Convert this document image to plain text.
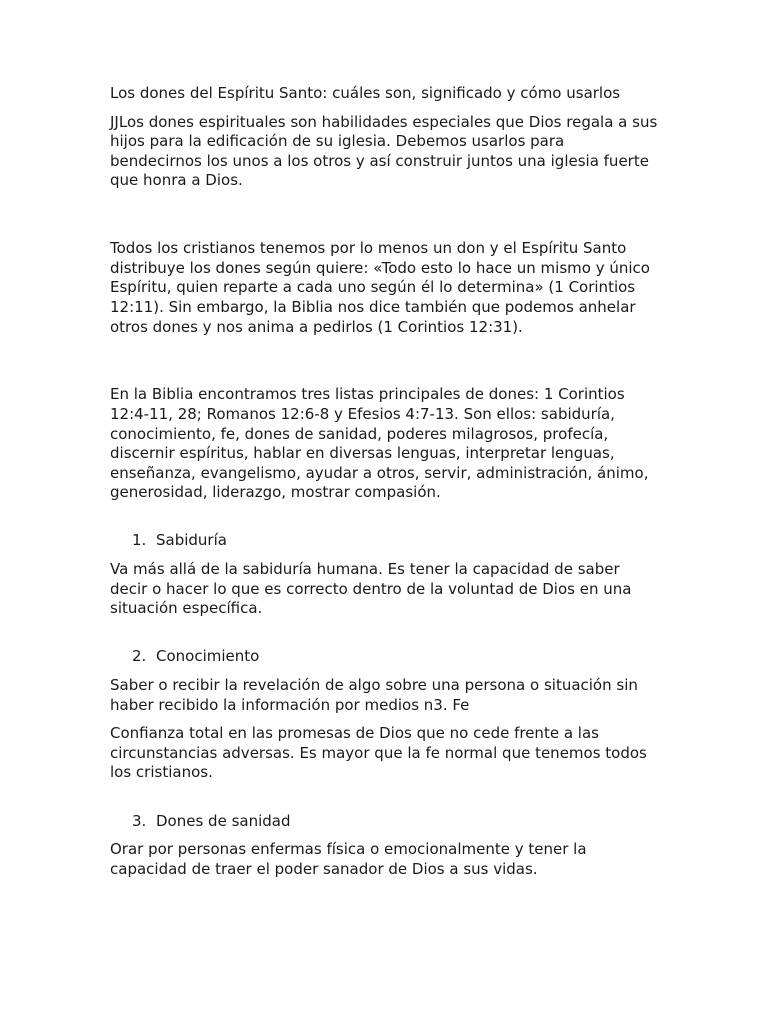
Los dones del Espíritu Santo: cuáles son, significado y cómo usarlos

JJLos dones espirituales son habilidades especiales que Dios regala a sus hijos para la edificación de su iglesia. Debemos usarlos para bendecirnos los unos a los otros y así construir juntos una iglesia fuerte que honra a Dios.

Todos los cristianos tenemos por lo menos un don y el Espíritu Santo distribuye los dones según quiere: «Todo esto lo hace un mismo y único Espíritu, quien reparte a cada uno según él lo determina» (1 Corintios 12:11). Sin embargo, la Biblia nos dice también que podemos anhelar otros dones y nos anima a pedirlos (1 Corintios 12:31).

En la Biblia encontramos tres listas principales de dones: 1 Corintios 12:4-11, 28; Romanos 12:6-8 y Efesios 4:7-13. Son ellos: sabiduría, conocimiento, fe, dones de sanidad, poderes milagrosos, profecía, discernir espíritus, hablar en diversas lenguas, interpretar lenguas, enseñanza, evangelismo, ayudar a otros, servir, administración, ánimo, generosidad, liderazgo, mostrar compasión.

1. Sabiduría

Va más allá de la sabiduría humana. Es tener la capacidad de saber decir o hacer lo que es correcto dentro de la voluntad de Dios en una situación específica.

2. Conocimiento

Saber o recibir la revelación de algo sobre una persona o situación sin haber recibido la información por medios n3. Fe

Confianza total en las promesas de Dios que no cede frente a las circunstancias adversas. Es mayor que la fe normal que tenemos todos los cristianos.

3. Dones de sanidad

Orar por personas enfermas física o emocionalmente y tener la capacidad de traer el poder sanador de Dios a sus vidas.
